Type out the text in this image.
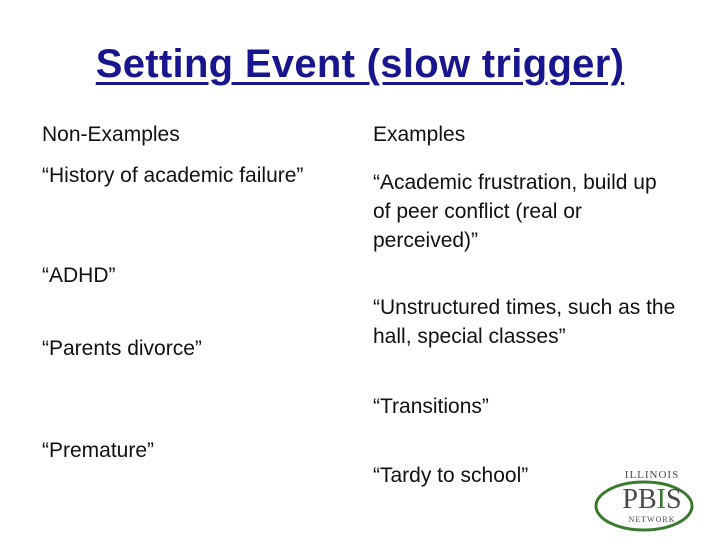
Setting Event (slow trigger)
Non-Examples	Examples
“History of academic failure”
“ADHD”
“Parents divorce”
“Premature”
“Academic frustration, build up of peer conflict (real or perceived)”
“Unstructured times, such as the hall, special classes”
“Transitions”
“Tardy to school”	ILLINOIS
PBIS
NETWORK
